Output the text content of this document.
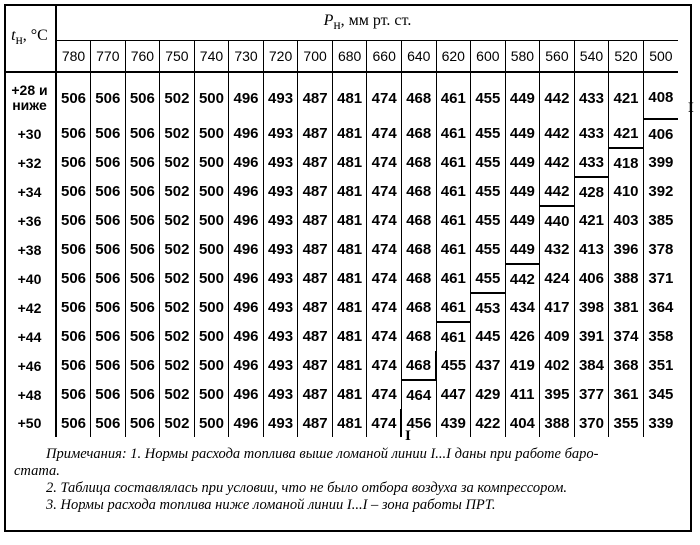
$t_н$, °C	$P_н$, мм рт. ст.																	
	780	770	760	750	740	730	720	700	680	660	640	620	600	580	560	540	520	500
+28 и
ниже	506	506	506	502	500	496	493	487	481	474	468	461	455	449	442	433	421	408
+30	506	506	506	502	500	496	493	487	481	474	468	461	455	449	442	433	421	406
+32	506	506	506	502	500	496	493	487	481	474	468	461	455	449	442	433	418	399
+34	506	506	506	502	500	496	493	487	481	474	468	461	455	449	442	428	410	392
+36	506	506	506	502	500	496	493	487	481	474	468	461	455	449	440	421	403	385
+38	506	506	506	502	500	496	493	487	481	474	468	461	455	449	432	413	396	378
+40	506	506	506	502	500	496	493	487	481	474	468	461	455	442	424	406	388	371
+42	506	506	506	502	500	496	493	487	481	474	468	461	453	434	417	398	381	364
+44	506	506	506	502	500	496	493	487	481	474	468	461	445	426	409	391	374	358
+46	506	506	506	502	500	496	493	487	481	474	468	455	437	419	402	384	368	351
+48	506	506	506	502	500	496	493	487	481	474	464	447	429	411	395	377	361	345
+50	506	506	506	502	500	496	493	487	481	474	456	439	422	404	388	370	355	339
I
I

Примечания: 1. Нормы расхода топлива выше ломаной линии I...I даны при работе баро-

стата.

2. Таблица составлялась при условии, что не было отбора воздуха за компрессором.

3. Нормы расхода топлива ниже ломаной линии I...I – зона работы ПРТ.
